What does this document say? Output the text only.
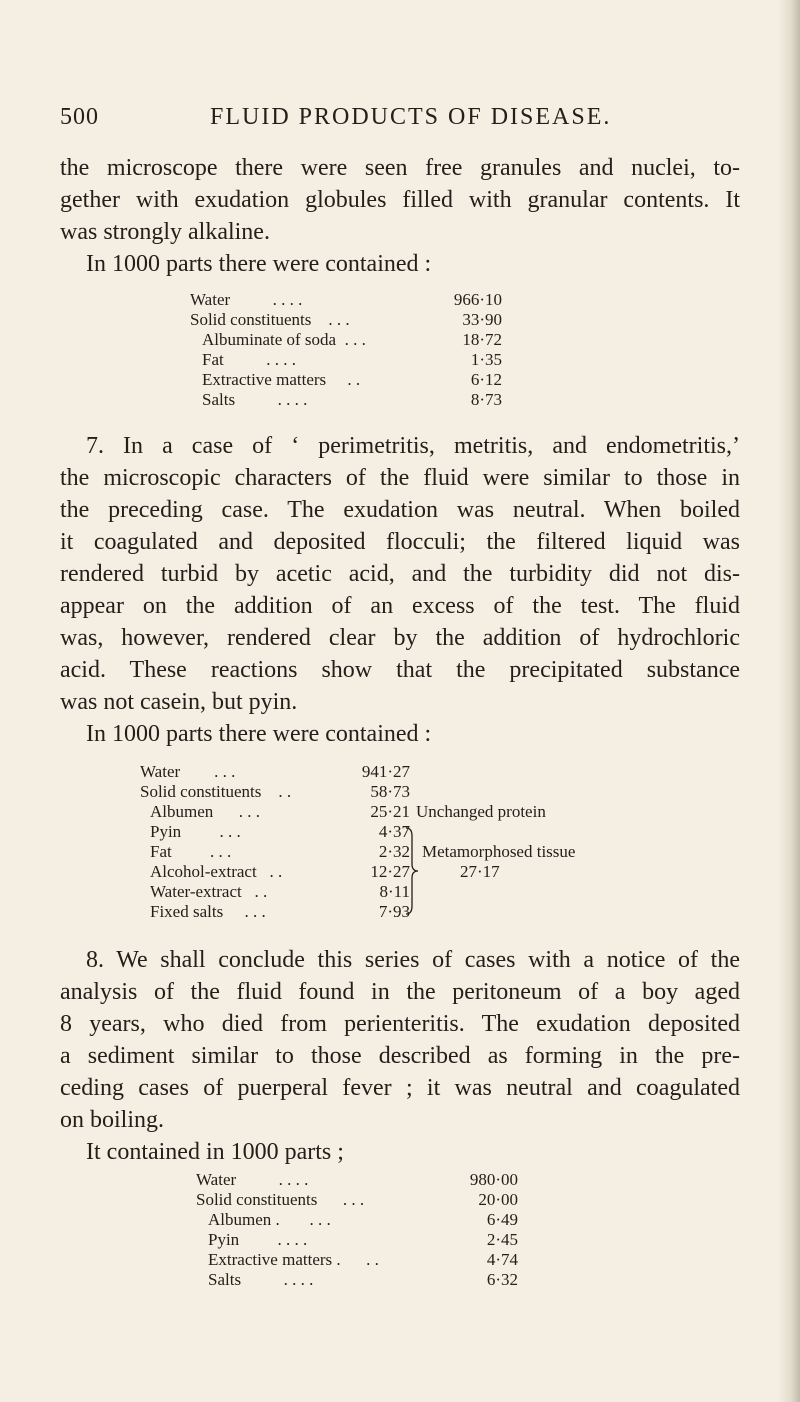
500	FLUID PRODUCTS OF DISEASE.
the microscope there were seen free granules and nuclei, to-
gether with exudation globules filled with granular contents. It
was strongly alkaline.
In 1000 parts there were contained :
Water . . . .	966·10
Solid constituents . . .	33·90
Albuminate of soda . . .	18·72
Fat . . . .	1·35
Extractive matters . .	6·12
Salts . . . .	8·73
7. In a case of ‘ perimetritis, metritis, and endometritis,’
the microscopic characters of the fluid were similar to those in
the preceding case. The exudation was neutral. When boiled
it coagulated and deposited flocculi; the filtered liquid was
rendered turbid by acetic acid, and the turbidity did not dis-
appear on the addition of an excess of the test. The fluid
was, however, rendered clear by the addition of hydrochloric
acid. These reactions show that the precipitated substance
was not casein, but pyin.
In 1000 parts there were contained :
Water . . .	941·27	
Solid constituents . .	58·73	
Albumen . . .	25·21	Unchanged protein
Pyin . . .	4·37	
Fat . . .	2·32	Metamorphosed tissue
Alcohol-extract . .	12·27	27·17
Water-extract . .	8·11	
Fixed salts . . .	7·93	
8. We shall conclude this series of cases with a notice of the
analysis of the fluid found in the peritoneum of a boy aged
8 years, who died from perienteritis. The exudation deposited
a sediment similar to those described as forming in the pre-
ceding cases of puerperal fever ; it was neutral and coagulated
on boiling.
It contained in 1000 parts ;
Water . . . .	980·00
Solid constituents . . .	20·00
Albumen . . . .	6·49
Pyin . . . .	2·45
Extractive matters . . .	4·74
Salts . . . .	6·32
